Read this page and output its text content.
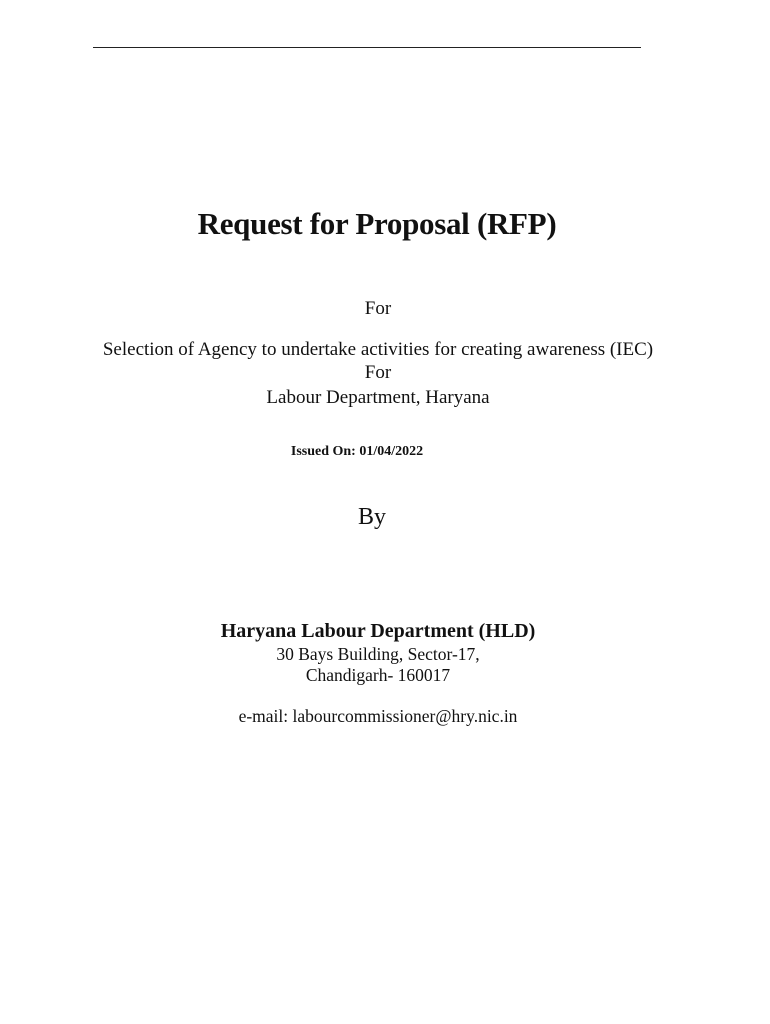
Request for Proposal (RFP)
For
Selection of Agency to undertake activities for creating awareness (IEC)
For
Labour Department, Haryana
Issued On: 01/04/2022
By
Haryana Labour Department (HLD)
30 Bays Building, Sector-17,
Chandigarh- 160017
e-mail: labourcommissioner@hry.nic.in
